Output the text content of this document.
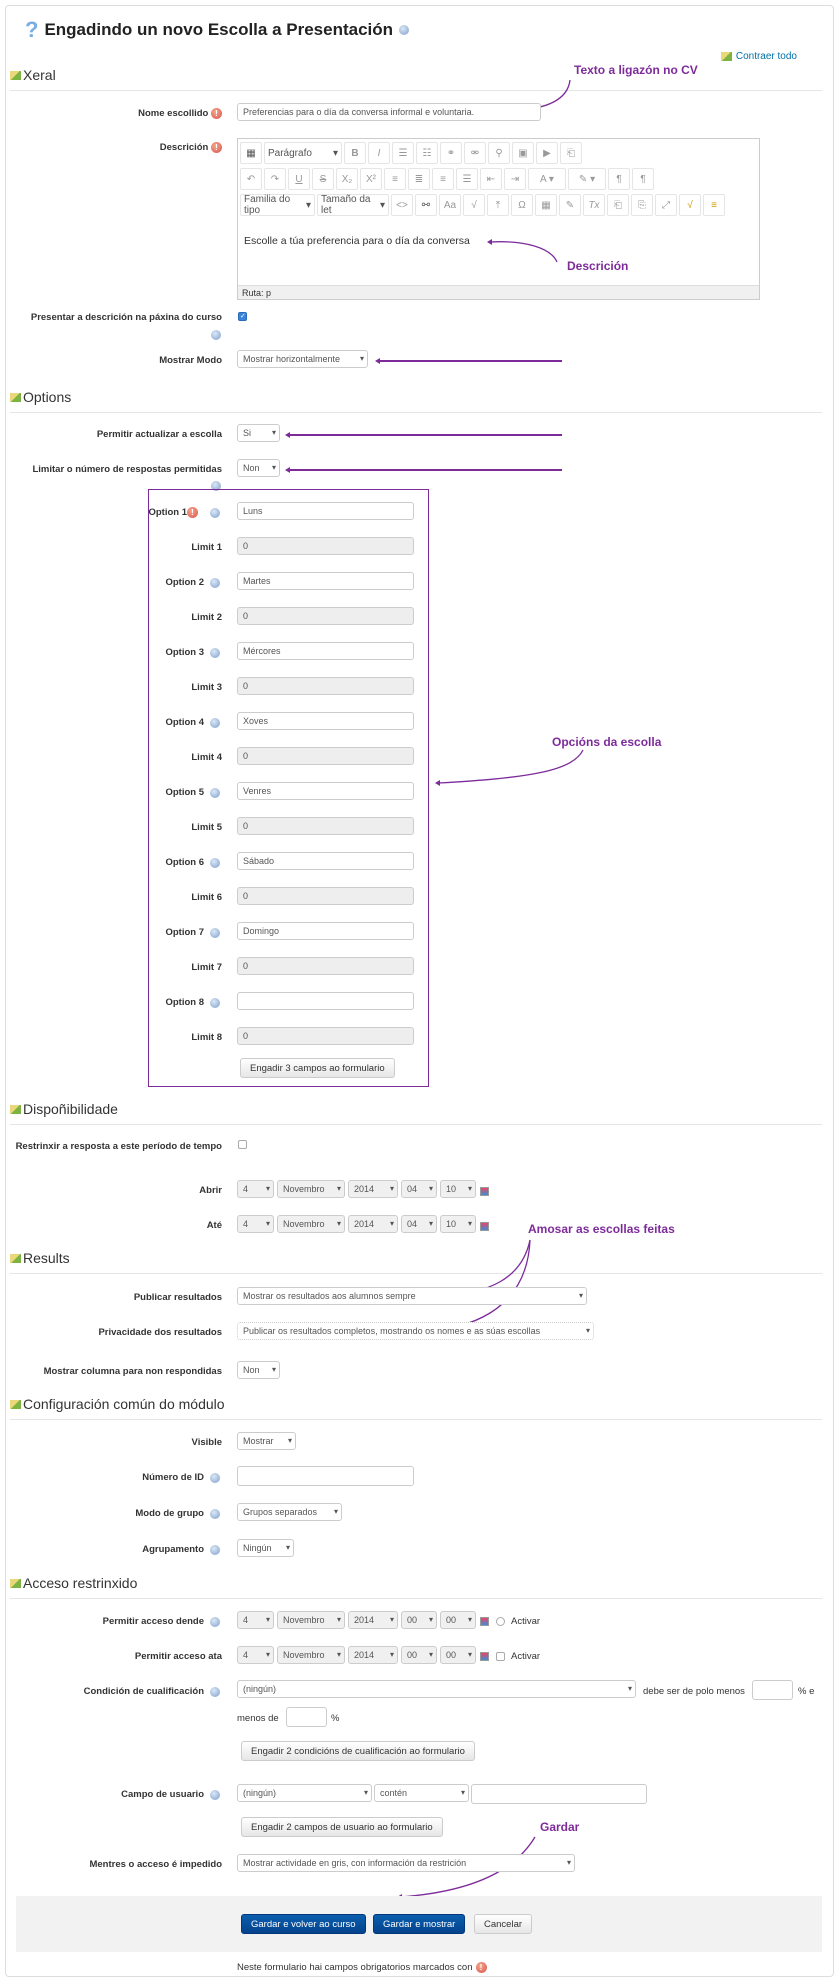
? Engadindo un novo Escolla a Presentación
Contraer todo
Xeral	Texto a ligazón no CV
Nome escollido !	Preferencias para o día da conversa informal e voluntaria.
Descrición !	▦	Parágrafo ▾ B I	☰	☷	⚭	⚮	⚲	▣	▶	⎗
↶	↷	U S	X₂	X²	≡	≣	≡	☰	⇤	⇥	A ▾	✎ ▾	¶	¶
Familia do tipo	▾	Tamaño da let	▾	<>	⚯	Aa	√	⤒	Ω	▦	✎	Tx	⎗	⎘	⤢	√	≡
Escolle a túa preferencia para o día da conversa
Ruta: p
Descrición
Presentar a descrición na páxina do curso
✓
Mostrar Modo	Mostrar horizontalmente ▾
Options
Permitir actualizar a escolla	Si ▾
Limitar o número de respostas permitidas	Non ▾
Option 1 !	Luns
Limit 1	0
Option 2	Martes
Limit 2	0
Option 3	Mércores
Limit 3	0
Option 4	Xoves
Limit 4	0
Option 5	Venres
Limit 5	0
Option 6	Sábado
Limit 6	0
Option 7	Domingo
Limit 7	0
Option 8
Limit 8	0
Engadir 3 campos ao formulario
Opcións da escolla
Dispoñibilidade
Restrinxir a resposta a este período de tempo
Abrir	4 ▾	Novembro ▾	2014 ▾	04 ▾	10 ▾
Até	4 ▾	Novembro ▾	2014 ▾	04 ▾	10 ▾	Amosar as escollas feitas
Results
Publicar resultados	Mostrar os resultados aos alumnos sempre ▾
Privacidade dos resultados	Publicar os resultados completos, mostrando os nomes e as súas escollas ▾
Mostrar columna para non respondidas	Non ▾
Configuración común do módulo
Visible	Mostrar ▾
Número de ID
Modo de grupo	Grupos separados ▾
Agrupamento	Ningún ▾
Acceso restrinxido
Permitir acceso dende	4 ▾	Novembro ▾	2014 ▾	00 ▾	00 ▾	Activar
Permitir acceso ata	4 ▾	Novembro ▾	2014 ▾	00 ▾	00 ▾	Activar
Condición de cualificación	(ningún) ▾	debe ser de polo menos	% e
menos de	%
Engadir 2 condicións de cualificación ao formulario
Campo de usuario	(ningún) ▾	contén ▾
Engadir 2 campos de usuario ao formulario	Gardar
Mentres o acceso é impedido	Mostrar actividade en gris, con información da restrición ▾
Gardar e volver ao curso	Gardar e mostrar	Cancelar
Neste formulario hai campos obrigatorios marcados con !
